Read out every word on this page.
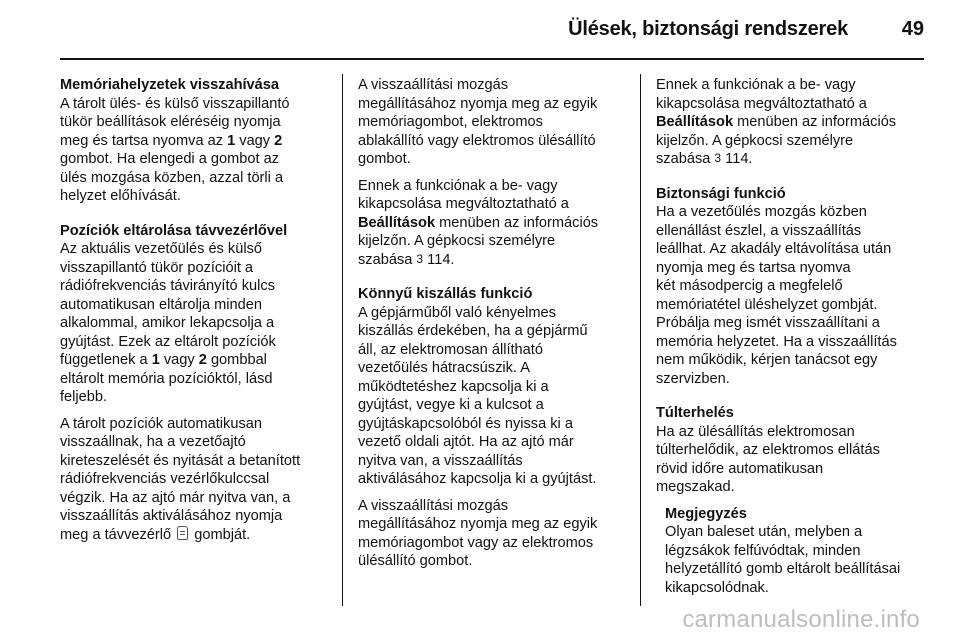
Ülések, biztonsági rendszerek	49
Memóriahelyzetek visszahívása
A tárolt ülés- és külső visszapillantó
tükör beállítások eléréséig nyomja
meg és tartsa nyomva az 1 vagy 2
gombot. Ha elengedi a gombot az
ülés mozgása közben, azzal törli a
helyzet előhívását.
Pozíciók eltárolása távvezérlővel

Az aktuális vezetőülés és külső
visszapillantó tükör pozícióit a
rádiófrekvenciás távirányító kulcs
automatikusan eltárolja minden
alkalommal, amikor lekapcsolja a
gyújtást. Ezek az eltárolt pozíciók
függetlenek a 1 vagy 2 gombbal
eltárolt memória pozícióktól, lásd
feljebb.

A tárolt pozíciók automatikusan
visszaállnak, ha a vezetőajtó
kireteszelését és nyitását a betanított
rádiófrekvenciás vezérlőkulccsal
végzik. Ha az ajtó már nyitva van, a
visszaállítás aktiválásához nyomja
meg a távvezérlő  gombját.

A visszaállítási mozgás
megállításához nyomja meg az egyik
memóriagombot, elektromos
ablakállító vagy elektromos ülésállító
gombot.

Ennek a funkciónak a be- vagy
kikapcsolása megváltoztatható a
Beállítások menüben az információs
kijelzőn. A gépkocsi személyre
szabása 3 114.
Könnyű kiszállás funkció

A gépjárműből való kényelmes
kiszállás érdekében, ha a gépjármű
áll, az elektromosan állítható
vezetőülés hátracsúszik. A
működtetéshez kapcsolja ki a
gyújtást, vegye ki a kulcsot a
gyújtáskapcsolóból és nyissa ki a
vezető oldali ajtót. Ha az ajtó már
nyitva van, a visszaállítás
aktiválásához kapcsolja ki a gyújtást.

A visszaállítási mozgás
megállításához nyomja meg az egyik
memóriagombot vagy az elektromos
ülésállító gombot.

Ennek a funkciónak a be- vagy
kikapcsolása megváltoztatható a
Beállítások menüben az információs
kijelzőn. A gépkocsi személyre
szabása 3 114.
Biztonsági funkció
Ha a vezetőülés mozgás közben
ellenállást észlel, a visszaállítás
leállhat. Az akadály eltávolítása után
nyomja meg és tartsa nyomva
két másodpercig a megfelelő
memóriatétel üléshelyzet gombját.
Próbálja meg ismét visszaállítani a
memória helyzetet. Ha a visszaállítás
nem működik, kérjen tanácsot egy
szervizben.
Túlterhelés

Ha az ülésállítás elektromosan
túlterhelődik, az elektromos ellátás
rövid időre automatikusan
megszakad.

Megjegyzés
Olyan baleset után, melyben a
légzsákok felfúvódtak, minden
helyzetállító gomb eltárolt beállításai
kikapcsolódnak.
carmanualsonline.info
